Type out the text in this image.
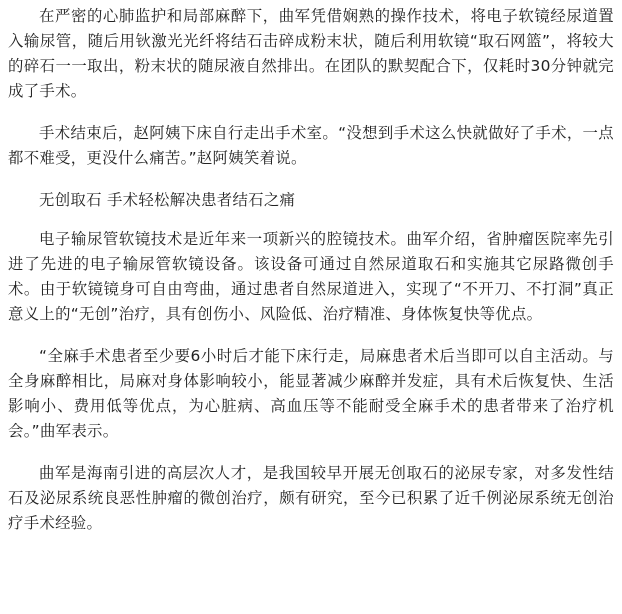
在严密的心肺监护和局部麻醉下，曲军凭借娴熟的操作技术，将电子软镜经尿道置入输尿管，随后用钬激光光纤将结石击碎成粉末状，随后利用软镜“取石网篮”，将较大的碎石一一取出，粉末状的随尿液自然排出。在团队的默契配合下，仅耗时30分钟就完成了手术。

手术结束后，赵阿姨下床自行走出手术室。“没想到手术这么快就做好了手术，一点都不难受，更没什么痛苦。”赵阿姨笑着说。

无创取石 手术轻松解决患者结石之痛

电子输尿管软镜技术是近年来一项新兴的腔镜技术。曲军介绍，省肿瘤医院率先引进了先进的电子输尿管软镜设备。该设备可通过自然尿道取石和实施其它尿路微创手术。由于软镜镜身可自由弯曲，通过患者自然尿道进入，实现了“不开刀、不打洞”真正意义上的“无创”治疗，具有创伤小、风险低、治疗精准、身体恢复快等优点。

“全麻手术患者至少要6小时后才能下床行走，局麻患者术后当即可以自主活动。与全身麻醉相比，局麻对身体影响较小，能显著减少麻醉并发症，具有术后恢复快、生活影响小、费用低等优点，为心脏病、高血压等不能耐受全麻手术的患者带来了治疗机会。”曲军表示。

曲军是海南引进的高层次人才，是我国较早开展无创取石的泌尿专家，对多发性结石及泌尿系统良恶性肿瘤的微创治疗，颇有研究，至今已积累了近千例泌尿系统无创治疗手术经验。
